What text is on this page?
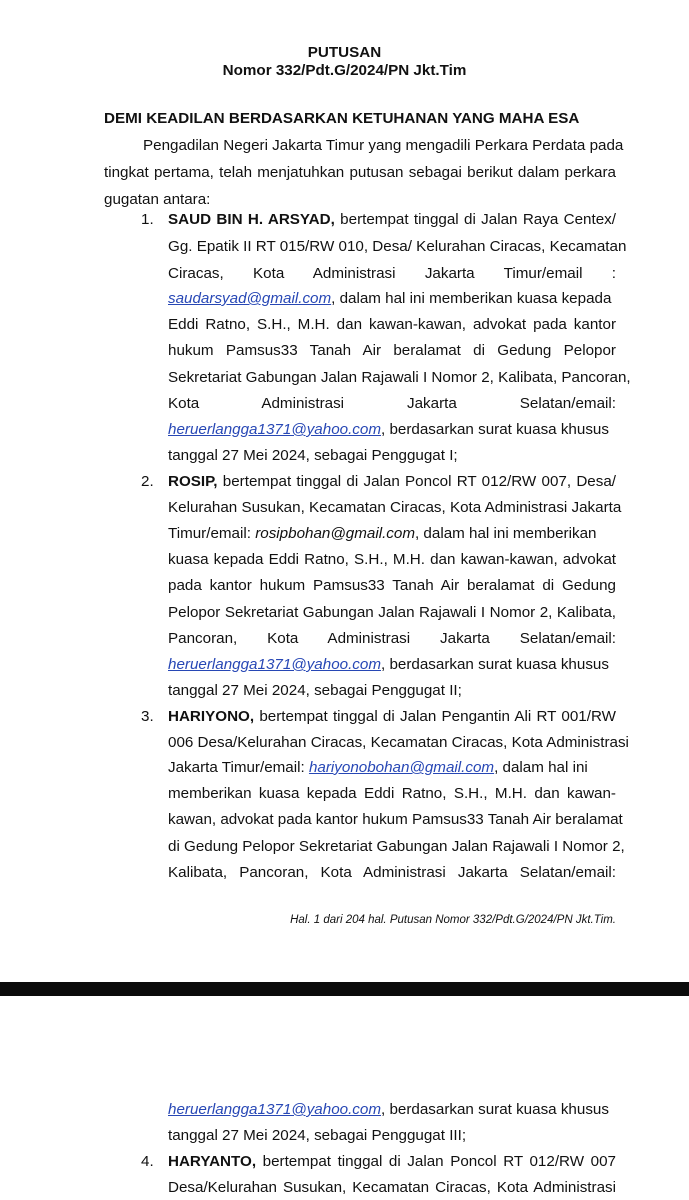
PUTUSAN
Nomor 332/Pdt.G/2024/PN Jkt.Tim
DEMI KEADILAN BERDASARKAN KETUHANAN YANG MAHA ESA
Pengadilan Negeri Jakarta Timur yang mengadili Perkara Perdata pada
tingkat pertama, telah menjatuhkan putusan sebagai berikut dalam perkara
gugatan antara:
1. SAUD BIN H. ARSYAD, bertempat tinggal di Jalan Raya Centex/
Gg. Epatik II RT 015/RW 010, Desa/ Kelurahan Ciracas, Kecamatan
Ciracas, Kota Administrasi Jakarta Timur/email :
saudarsyad@gmail.com, dalam hal ini memberikan kuasa kepada
Eddi Ratno, S.H., M.H. dan kawan-kawan, advokat pada kantor
hukum Pamsus33 Tanah Air beralamat di Gedung Pelopor
Sekretariat Gabungan Jalan Rajawali I Nomor 2, Kalibata, Pancoran,
Kota Administrasi Jakarta Selatan/email:
heruerlangga1371@yahoo.com, berdasarkan surat kuasa khusus
tanggal 27 Mei 2024, sebagai Penggugat I;
2. ROSIP, bertempat tinggal di Jalan Poncol RT 012/RW 007, Desa/
Kelurahan Susukan, Kecamatan Ciracas, Kota Administrasi Jakarta
Timur/email: rosipbohan@gmail.com, dalam hal ini memberikan
kuasa kepada Eddi Ratno, S.H., M.H. dan kawan-kawan, advokat
pada kantor hukum Pamsus33 Tanah Air beralamat di Gedung
Pelopor Sekretariat Gabungan Jalan Rajawali I Nomor 2, Kalibata,
Pancoran, Kota Administrasi Jakarta Selatan/email:
heruerlangga1371@yahoo.com, berdasarkan surat kuasa khusus
tanggal 27 Mei 2024, sebagai Penggugat II;
3. HARIYONO, bertempat tinggal di Jalan Pengantin Ali RT 001/RW
006 Desa/Kelurahan Ciracas, Kecamatan Ciracas, Kota Administrasi
Jakarta Timur/email: hariyonobohan@gmail.com, dalam hal ini
memberikan kuasa kepada Eddi Ratno, S.H., M.H. dan kawan-
kawan, advokat pada kantor hukum Pamsus33 Tanah Air beralamat
di Gedung Pelopor Sekretariat Gabungan Jalan Rajawali I Nomor 2,
Kalibata, Pancoran, Kota Administrasi Jakarta Selatan/email:
Hal. 1 dari 204 hal. Putusan Nomor 332/Pdt.G/2024/PN Jkt.Tim.
heruerlangga1371@yahoo.com, berdasarkan surat kuasa khusus
tanggal 27 Mei 2024, sebagai Penggugat III;
4. HARYANTO, bertempat tinggal di Jalan Poncol RT 012/RW 007
Desa/Kelurahan Susukan, Kecamatan Ciracas, Kota Administrasi
